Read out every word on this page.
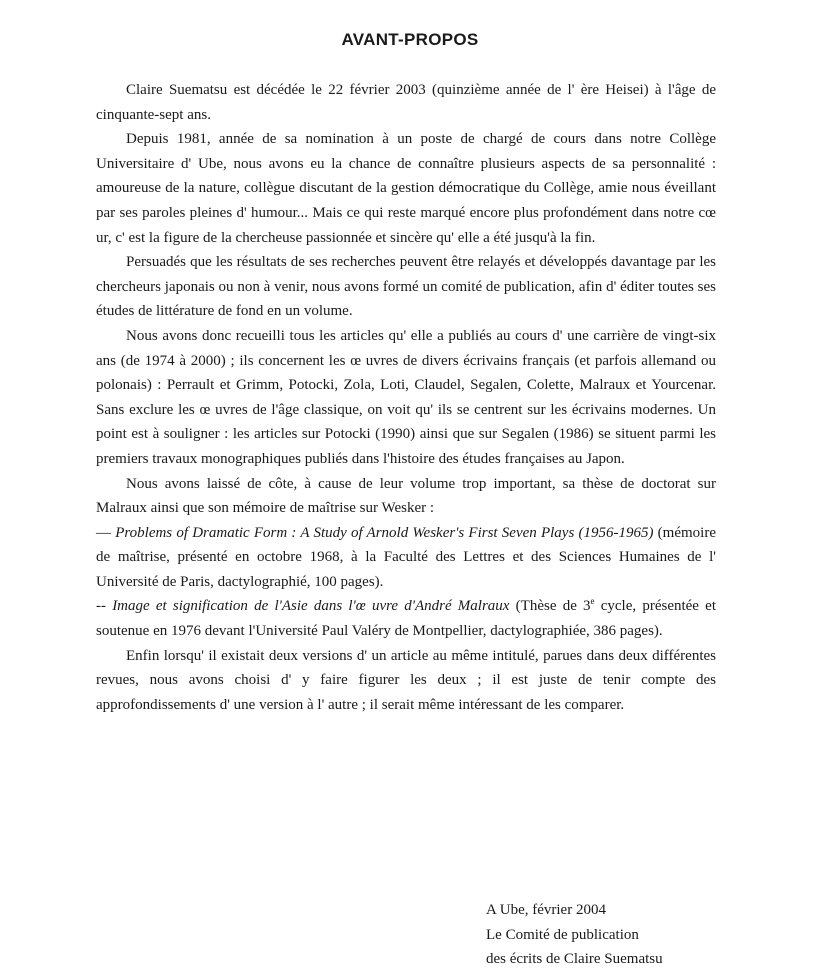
AVANT-PROPOS

Claire Suematsu est décédée le 22 février 2003 (quinzième année de l' ère Heisei) à l'âge de cinquante-sept ans.

Depuis 1981, année de sa nomination à un poste de chargé de cours dans notre Collège Universitaire d' Ube, nous avons eu la chance de connaître plusieurs aspects de sa personnalité : amoureuse de la nature, collègue discutant de la gestion démocratique du Collège, amie nous éveillant par ses paroles pleines d' humour... Mais ce qui reste marqué encore plus profondément dans notre cœ ur, c' est la figure de la chercheuse passionnée et sincère qu' elle a été jusqu'à la fin.

Persuadés que les résultats de ses recherches peuvent être relayés et développés davantage par les chercheurs japonais ou non à venir, nous avons formé un comité de publication, afin d' éditer toutes ses études de littérature de fond en un volume.

Nous avons donc recueilli tous les articles qu' elle a publiés au cours d' une carrière de vingt-six ans (de 1974 à 2000) ; ils concernent les œ uvres de divers écrivains français (et parfois allemand ou polonais) : Perrault et Grimm, Potocki, Zola, Loti, Claudel, Segalen, Colette, Malraux et Yourcenar. Sans exclure les œ uvres de l'âge classique, on voit qu' ils se centrent sur les écrivains modernes. Un point est à souligner : les articles sur Potocki (1990) ainsi que sur Segalen (1986) se situent parmi les premiers travaux monographiques publiés dans l'histoire des études françaises au Japon.

Nous avons laissé de côte, à cause de leur volume trop important, sa thèse de doctorat sur Malraux ainsi que son mémoire de maîtrise sur Wesker :

— Problems of Dramatic Form : A Study of Arnold Wesker's First Seven Plays (1956-1965) (mémoire de maîtrise, présenté en octobre 1968, à la Faculté des Lettres et des Sciences Humaines de l' Université de Paris, dactylographié, 100 pages).

-- Image et signification de l'Asie dans l'œ uvre d'André Malraux (Thèse de 3e cycle, présentée et soutenue en 1976 devant l'Université Paul Valéry de Montpellier, dactylographiée, 386 pages).

Enfin lorsqu' il existait deux versions d' un article au même intitulé, parues dans deux différentes revues, nous avons choisi d' y faire figurer les deux ; il est juste de tenir compte des approfondissements d' une version à l' autre ; il serait même intéressant de les comparer.

A Ube, février 2004
Le Comité de publication
des écrits de Claire Suematsu
